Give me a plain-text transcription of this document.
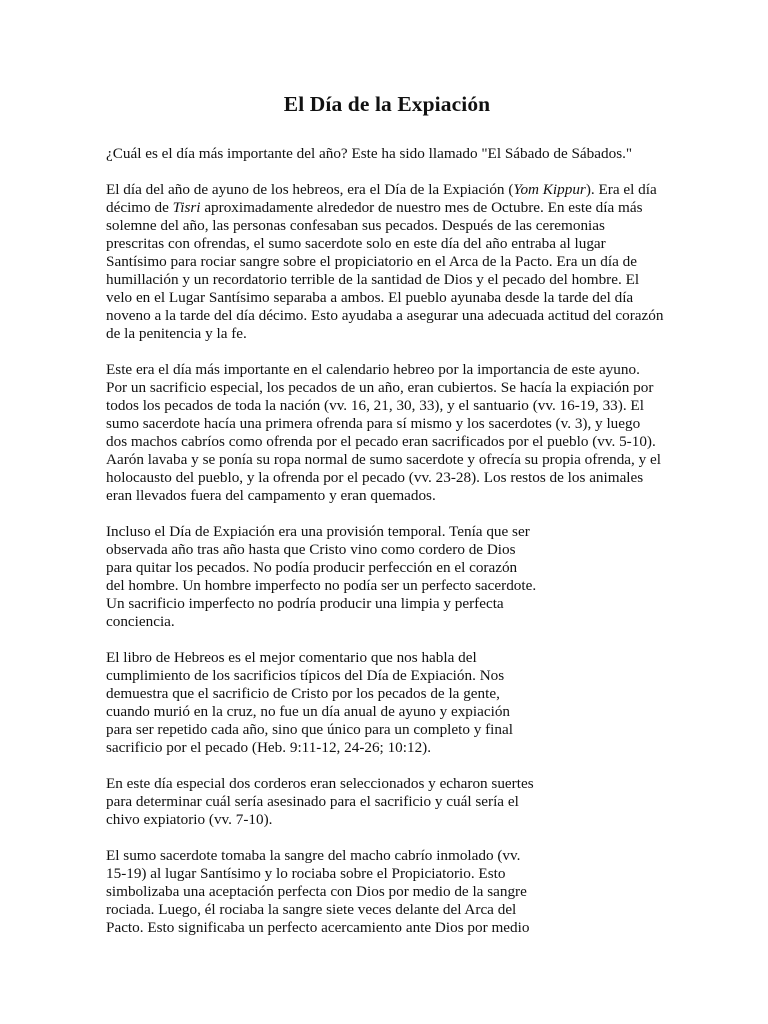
El Día de la Expiación

¿Cuál es el día más importante del año? Este ha sido llamado "El Sábado de Sábados."

El día del año de ayuno de los hebreos, era el Día de la Expiación (Yom Kippur). Era el día
décimo de Tisri aproximadamente alrededor de nuestro mes de Octubre. En este día más
solemne del año, las personas confesaban sus pecados. Después de las ceremonias
prescritas con ofrendas, el sumo sacerdote solo en este día del año entraba al lugar
Santísimo para rociar sangre sobre el propiciatorio en el Arca de la Pacto. Era un día de
humillación y un recordatorio terrible de la santidad de Dios y el pecado del hombre. El
velo en el Lugar Santísimo separaba a ambos. El pueblo ayunaba desde la tarde del día
noveno a la tarde del día décimo. Esto ayudaba a asegurar una adecuada actitud del corazón
de la penitencia y la fe.

Este era el día más importante en el calendario hebreo por la importancia de este ayuno.
Por un sacrificio especial, los pecados de un año, eran cubiertos. Se hacía la expiación por
todos los pecados de toda la nación (vv. 16, 21, 30, 33), y el santuario (vv. 16-19, 33). El
sumo sacerdote hacía una primera ofrenda para sí mismo y los sacerdotes (v. 3), y luego
dos machos cabríos como ofrenda por el pecado eran sacrificados por el pueblo (vv. 5-10).
Aarón lavaba y se ponía su ropa normal de sumo sacerdote y ofrecía su propia ofrenda, y el
holocausto del pueblo, y la ofrenda por el pecado (vv. 23-28). Los restos de los animales
eran llevados fuera del campamento y eran quemados.

Incluso el Día de Expiación era una provisión temporal. Tenía que ser
observada año tras año hasta que Cristo vino como cordero de Dios
para quitar los pecados. No podía producir perfección en el corazón
del hombre. Un hombre imperfecto no podía ser un perfecto sacerdote.
Un sacrificio imperfecto no podría producir una limpia y perfecta
conciencia.

El libro de Hebreos es el mejor comentario que nos habla del
cumplimiento de los sacrificios típicos del Día de Expiación. Nos
demuestra que el sacrificio de Cristo por los pecados de la gente,
cuando murió en la cruz, no fue un día anual de ayuno y expiación
para ser repetido cada año, sino que único para un completo y final
sacrificio por el pecado (Heb. 9:11-12, 24-26; 10:12).

En este día especial dos corderos eran seleccionados y echaron suertes
para determinar cuál sería asesinado para el sacrificio y cuál sería el
chivo expiatorio (vv. 7-10).

El sumo sacerdote tomaba la sangre del macho cabrío inmolado (vv.
15-19) al lugar Santísimo y lo rociaba sobre el Propiciatorio. Esto
simbolizaba una aceptación perfecta con Dios por medio de la sangre
rociada. Luego, él rociaba la sangre siete veces delante del Arca del
Pacto. Esto significaba un perfecto acercamiento ante Dios por medio
